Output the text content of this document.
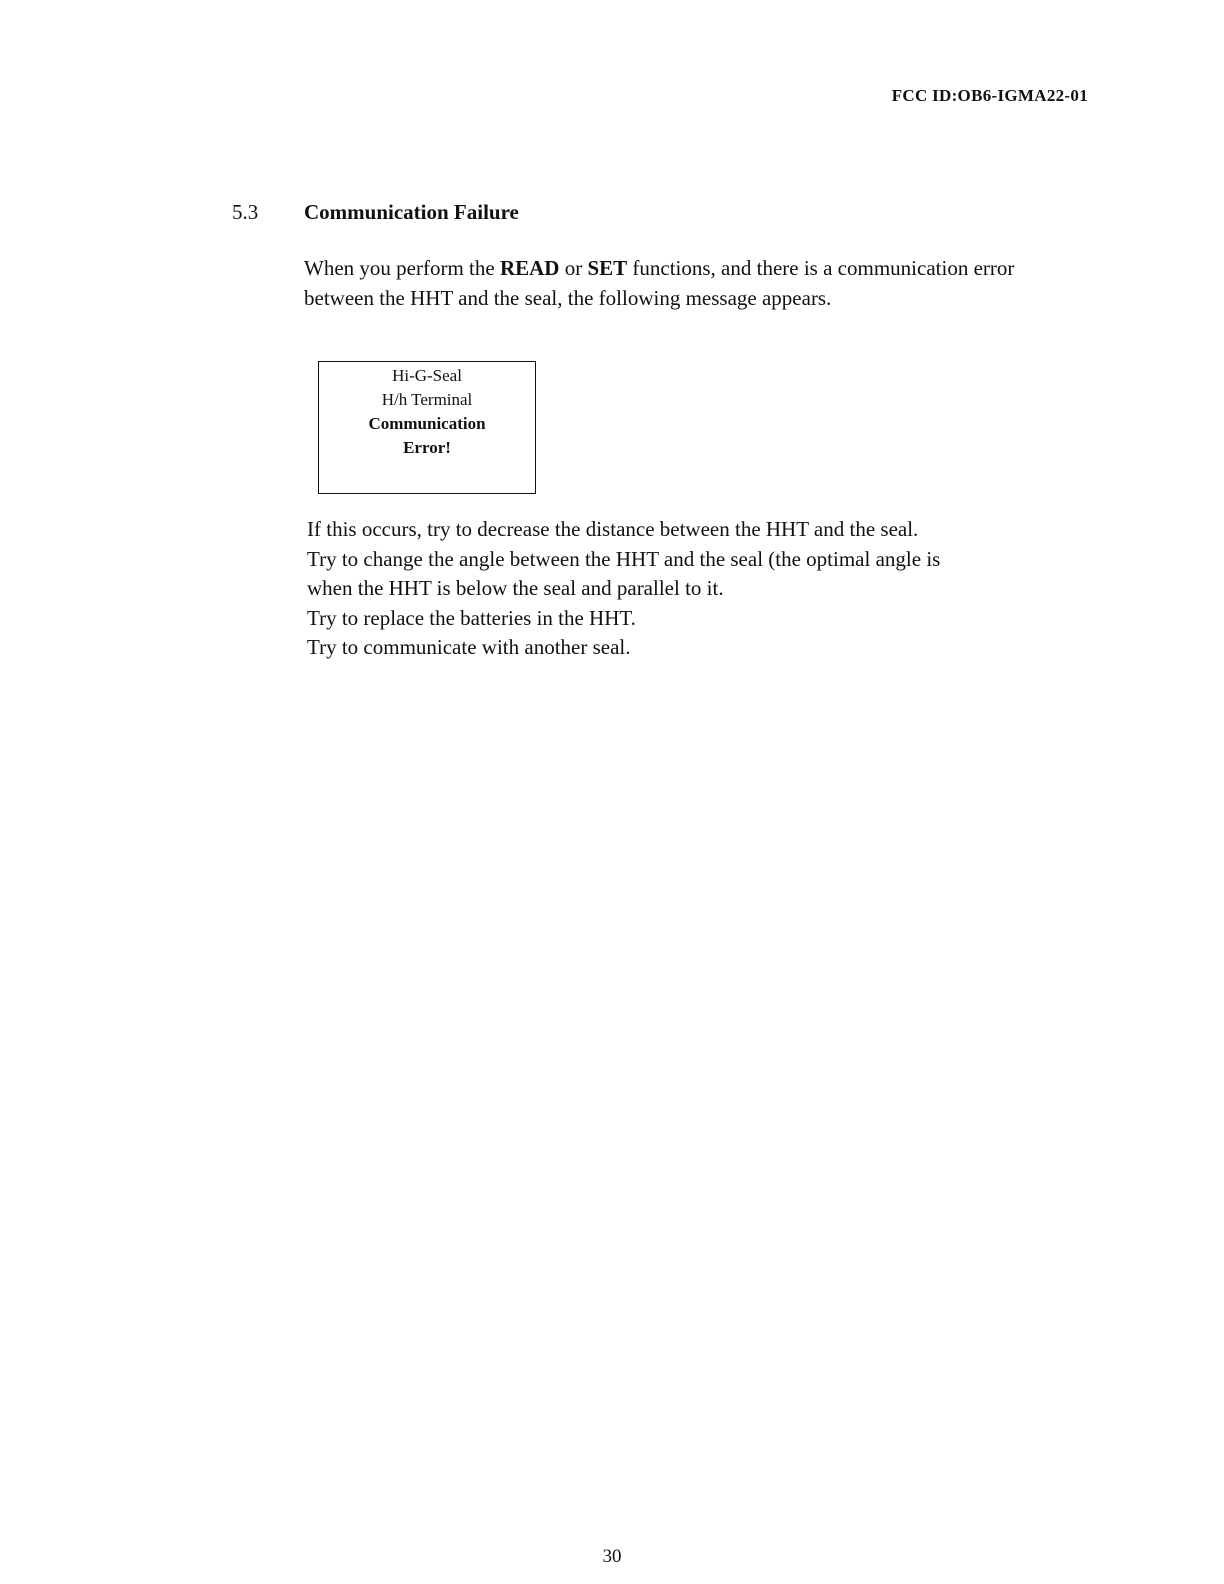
FCC ID:OB6-IGMA22-01
5.3 Communication Failure

When you perform the READ or SET functions, and there is a communication error between the HHT and the seal, the following message appears.

Hi-G-Seal
H/h Terminal
Communication
Error!
If this occurs, try to decrease the distance between the HHT and the seal.
Try to change the angle between the HHT and the seal (the optimal angle is
when the HHT is below the seal and parallel to it.
Try to replace the batteries in the HHT.
Try to communicate with another seal.
30
